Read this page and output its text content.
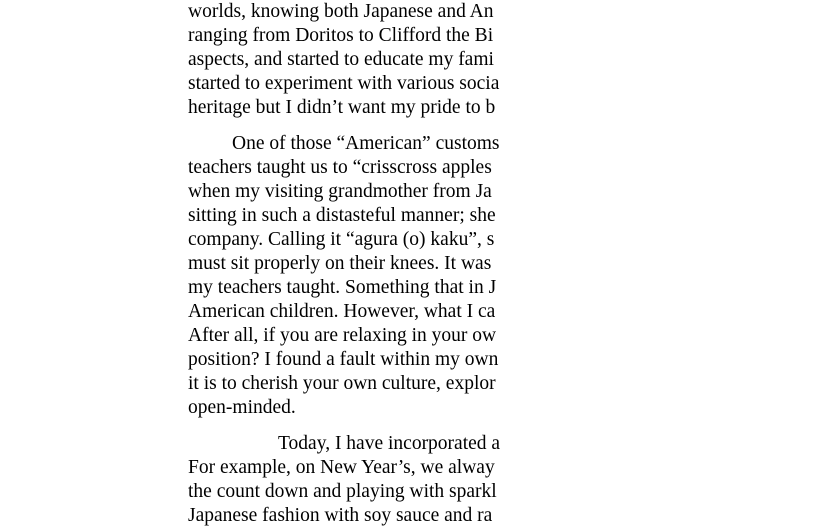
worlds, knowing both Japanese and An
ranging from Doritos to Clifford the Bi
aspects, and started to educate my fami
started to experiment with various socia
heritage but I didn’t want my pride to b
One of those “American” customs
teachers taught us to “crisscross apples
when my visiting grandmother from Ja
sitting in such a distasteful manner; she
company. Calling it “agura (o) kaku”, s
must sit properly on their knees. It was
my teachers taught. Something that in J
American children. However, what I ca
After all, if you are relaxing in your ow
position? I found a fault within my own
it is to cherish your own culture, explor
open-minded.
Today, I have incorporated a
For example, on New Year’s, we alway
the count down and playing with sparkl
Japanese fashion with soy sauce and ra
